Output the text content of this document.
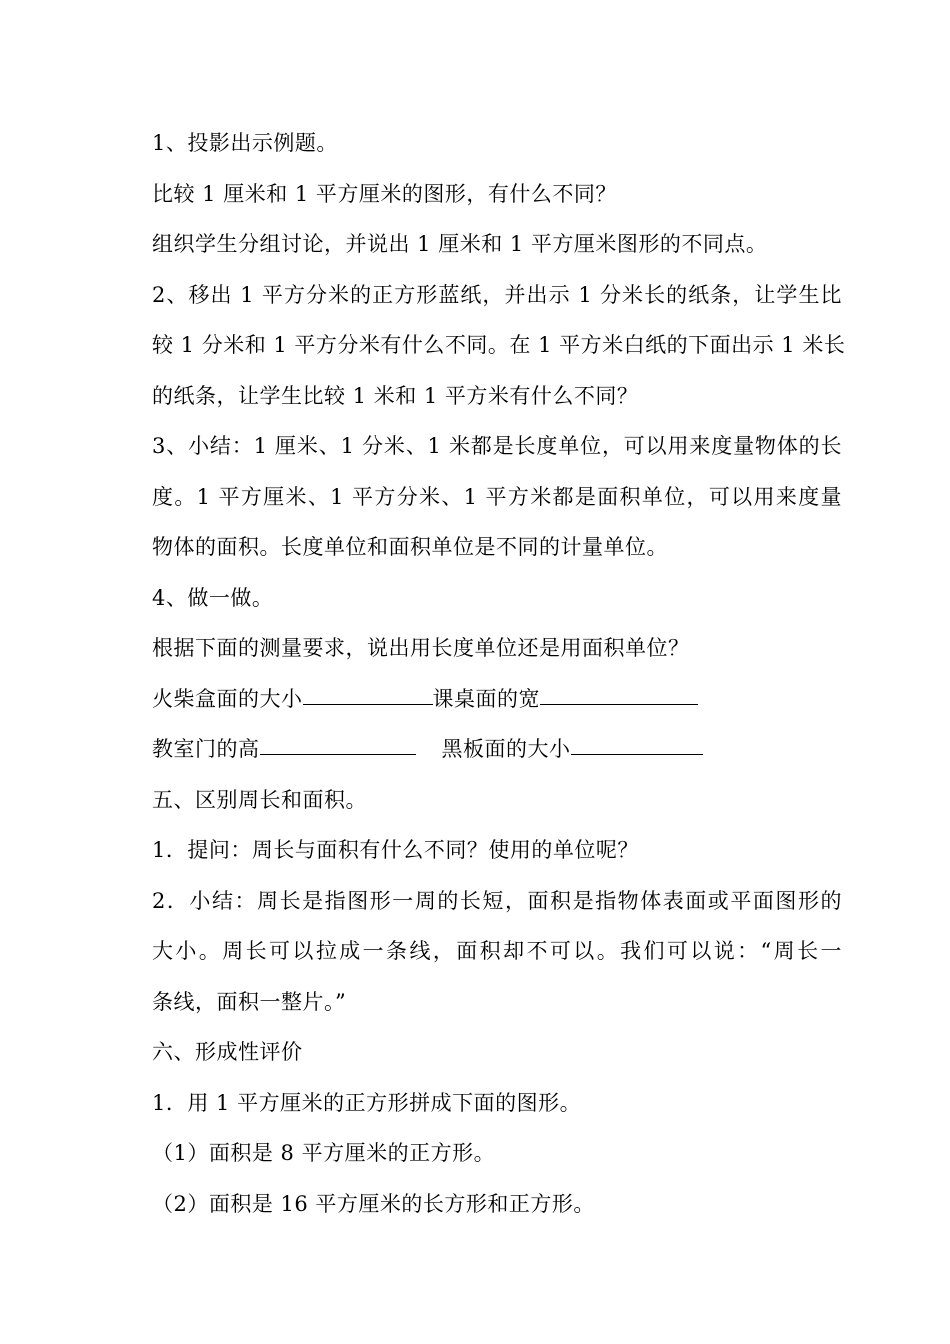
1、投影出示例题。
比较 1 厘米和 1 平方厘米的图形，有什么不同？
组织学生分组讨论，并说出 1 厘米和 1 平方厘米图形的不同点。
2、移出 1 平方分米的正方形蓝纸，并出示 1 分米长的纸条，让学生比
较 1 分米和 1 平方分米有什么不同。在 1 平方米白纸的下面出示 1 米长
的纸条，让学生比较 1 米和 1 平方米有什么不同？
3、小结：1 厘米、1 分米、1 米都是长度单位，可以用来度量物体的长
度。1 平方厘米、1 平方分米、1 平方米都是面积单位，可以用来度量
物体的面积。长度单位和面积单位是不同的计量单位。
4、做一做。
根据下面的测量要求，说出用长度单位还是用面积单位？
火柴盒面的大小	课桌面的宽
教室门的高	黑板面的大小
五、区别周长和面积。
1．提问：周长与面积有什么不同？使用的单位呢？
2．小结：周长是指图形一周的长短，面积是指物体表面或平面图形的
大小。周长可以拉成一条线，面积却不可以。我们可以说：“周长一
条线，面积一整片。”
六、形成性评价
1．用 1 平方厘米的正方形拼成下面的图形。
（1）面积是 8 平方厘米的正方形。
（2）面积是 16 平方厘米的长方形和正方形。
